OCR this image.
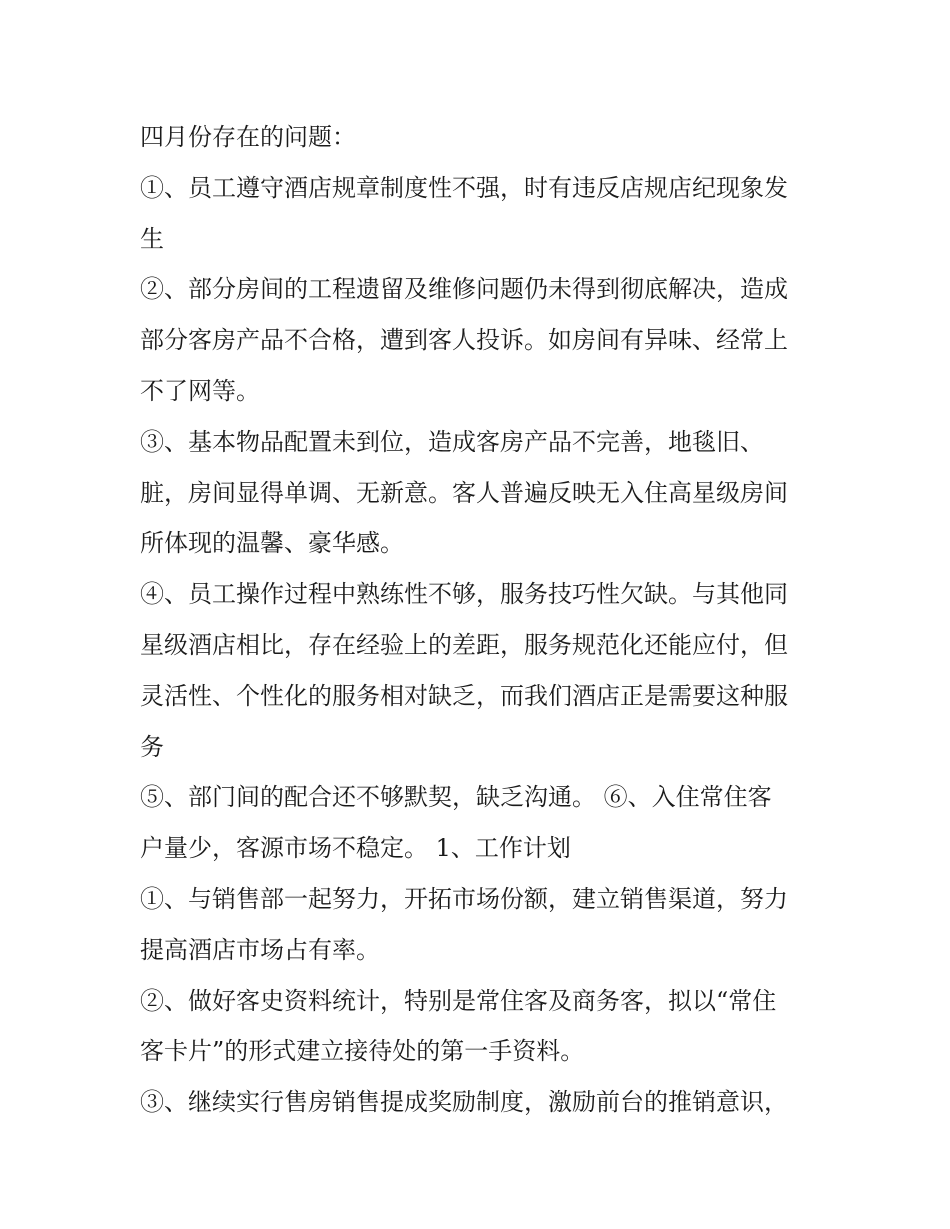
四月份存在的问题：
①、员工遵守酒店规章制度性不强，时有违反店规店纪现象发
生
②、部分房间的工程遗留及维修问题仍未得到彻底解决，造成
部分客房产品不合格，遭到客人投诉。如房间有异味、经常上
不了网等。
③、基本物品配置未到位，造成客房产品不完善，地毯旧、
脏，房间显得单调、无新意。客人普遍反映无入住高星级房间
所体现的温馨、豪华感。
④、员工操作过程中熟练性不够，服务技巧性欠缺。与其他同
星级酒店相比，存在经验上的差距，服务规范化还能应付，但
灵活性、个性化的服务相对缺乏，而我们酒店正是需要这种服
务
⑤、部门间的配合还不够默契，缺乏沟通。 ⑥、入住常住客
户量少，客源市场不稳定。 1、工作计划
①、与销售部一起努力，开拓市场份额，建立销售渠道，努力
提高酒店市场占有率。
②、做好客史资料统计，特别是常住客及商务客，拟以“常住
客卡片”的形式建立接待处的第一手资料。
③、继续实行售房销售提成奖励制度，激励前台的推销意识，
